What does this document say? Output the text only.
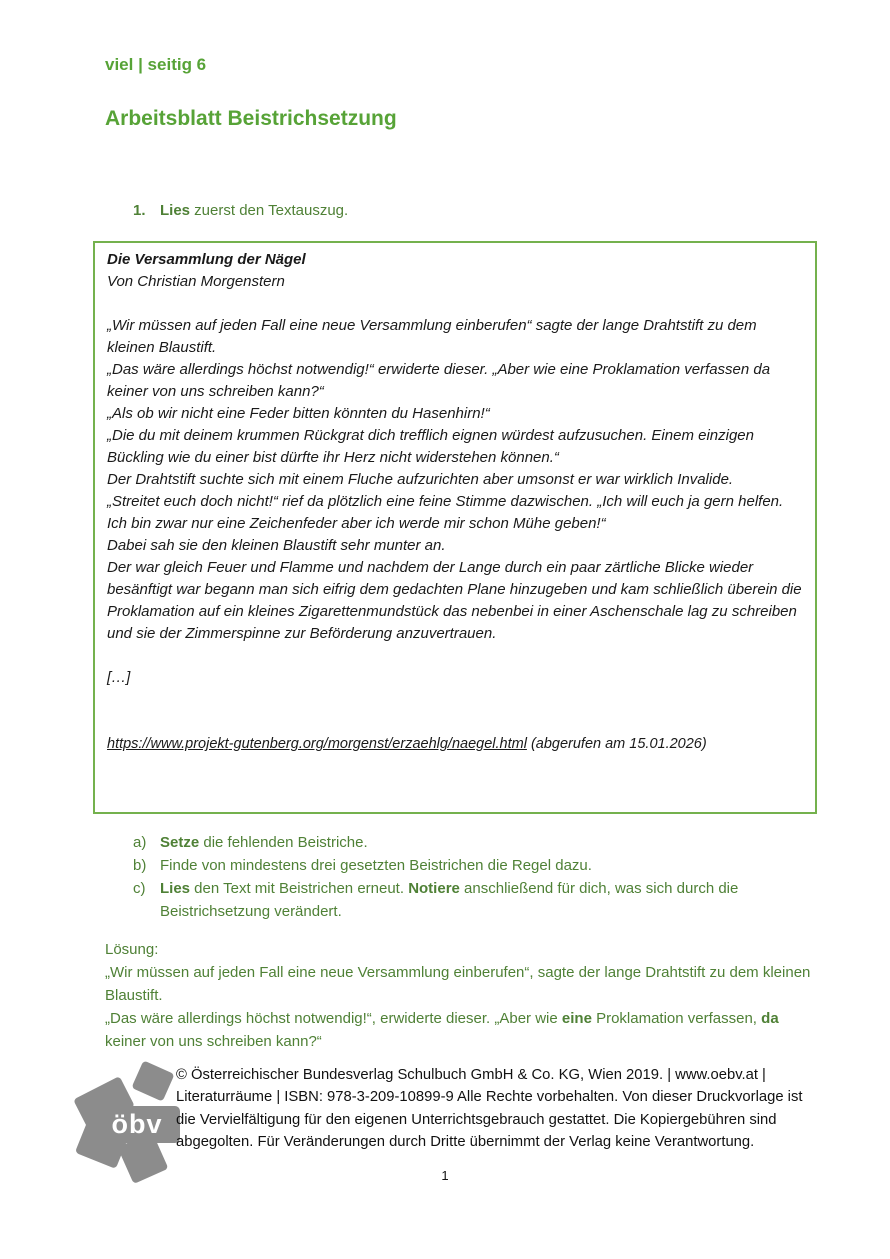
viel | seitig 6
Arbeitsblatt Beistrichsetzung
1. Lies zuerst den Textauszug.
Die Versammlung der Nägel
Von Christian Morgenstern
„Wir müssen auf jeden Fall eine neue Versammlung einberufen“ sagte der lange Drahtstift zu dem kleinen Blaustift.
„Das wäre allerdings höchst notwendig!“ erwiderte dieser. „Aber wie eine Proklamation verfassen da keiner von uns schreiben kann?“
„Als ob wir nicht eine Feder bitten könnten du Hasenhirn!“
„Die du mit deinem krummen Rückgrat dich trefflich eignen würdest aufzusuchen. Einem einzigen Bückling wie du einer bist dürfte ihr Herz nicht widerstehen können.“
Der Drahtstift suchte sich mit einem Fluche aufzurichten aber umsonst er war wirklich Invalide.
„Streitet euch doch nicht!“ rief da plötzlich eine feine Stimme dazwischen. „Ich will euch ja gern helfen. Ich bin zwar nur eine Zeichenfeder aber ich werde mir schon Mühe geben!“
Dabei sah sie den kleinen Blaustift sehr munter an.
Der war gleich Feuer und Flamme und nachdem der Lange durch ein paar zärtliche Blicke wieder besänftigt war begann man sich eifrig dem gedachten Plane hinzugeben und kam schließlich überein die Proklamation auf ein kleines Zigarettenmundstück das nebenbei in einer Aschenschale lag zu schreiben und sie der Zimmerspinne zur Beförderung anzuvertrauen.
[…]
https://www.projekt-gutenberg.org/morgenst/erzaehlg/naegel.html (abgerufen am 15.01.2026)
a) Setze die fehlenden Beistriche.
b) Finde von mindestens drei gesetzten Beistrichen die Regel dazu.
c) Lies den Text mit Beistrichen erneut. Notiere anschließend für dich, was sich durch die Beistrichsetzung verändert.
Lösung:
„Wir müssen auf jeden Fall eine neue Versammlung einberufen“, sagte der lange Drahtstift zu dem kleinen Blaustift.
„Das wäre allerdings höchst notwendig!“, erwiderte dieser. „Aber wie eine Proklamation verfassen, da keiner von uns schreiben kann?“
öbv
© Österreichischer Bundesverlag Schulbuch GmbH & Co. KG, Wien 2019. | www.oebv.at | Literaturräume | ISBN: 978-3-209-10899-9 Alle Rechte vorbehalten. Von dieser Druckvorlage ist die Vervielfältigung für den eigenen Unterrichtsgebrauch gestattet. Die Kopiergebühren sind abgegolten. Für Veränderungen durch Dritte übernimmt der Verlag keine Verantwortung.
1
